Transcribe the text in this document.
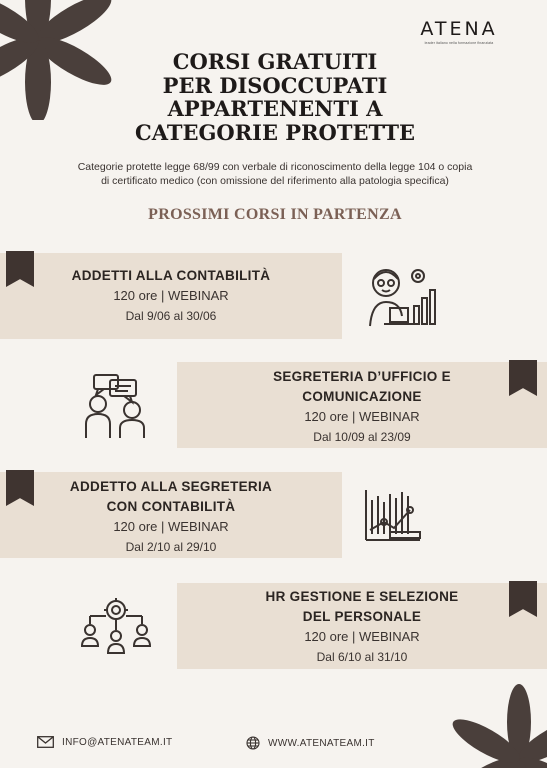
ATENA
leader italiano nella formazione finanziata
CORSI GRATUITI
PER DISOCCUPATI
APPARTENENTI A
CATEGORIE PROTETTE
Categorie protette legge 68/99 con verbale di riconoscimento della legge 104 o copia
di certificato medico (con omissione del riferimento alla patologia specifica)
PROSSIMI CORSI IN PARTENZA
ADDETTI ALLA CONTABILITÀ
120 ore | WEBINAR
Dal 9/06 al 30/06
SEGRETERIA D’UFFICIO E
COMUNICAZIONE
120 ore | WEBINAR
Dal 10/09 al 23/09
ADDETTO ALLA SEGRETERIA
CON CONTABILITÀ
120 ore | WEBINAR
Dal 2/10 al 29/10
HR GESTIONE E SELEZIONE
DEL PERSONALE
120 ore | WEBINAR
Dal 6/10 al 31/10
INFO@ATENATEAM.IT	WWW.ATENATEAM.IT
